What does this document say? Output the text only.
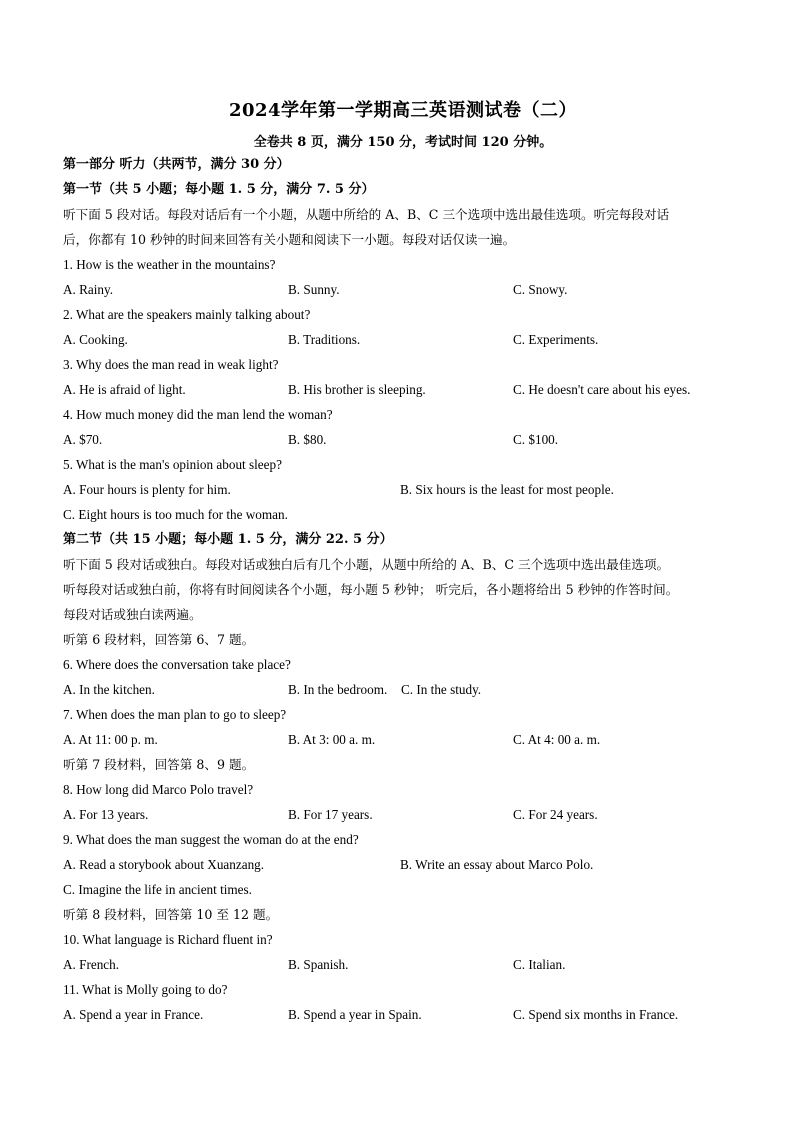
2024学年第一学期高三英语测试卷（二）
全卷共 8 页，满分 150 分，考试时间 120 分钟。
第一部分 听力（共两节，满分 30 分）
第一节（共 5 小题；每小题 1. 5 分，满分 7. 5 分）
听下面 5 段对话。每段对话后有一个小题，从题中所给的 A、B、C 三个选项中选出最佳选项。听完每段对话
后，你都有 10 秒钟的时间来回答有关小题和阅读下一小题。每段对话仅读一遍。
1. How is the weather in the mountains?
A. Rainy.	B. Sunny.	C. Snowy.
2. What are the speakers mainly talking about?
A. Cooking.	B. Traditions.	C. Experiments.
3. Why does the man read in weak light?
A. He is afraid of light.	B. His brother is sleeping.	C. He doesn't care about his eyes.
4. How much money did the man lend the woman?
A. $70.	B. $80.	C. $100.
5. What is the man's opinion about sleep?
A. Four hours is plenty for him.	B. Six hours is the least for most people.
C. Eight hours is too much for the woman.
第二节（共 15 小题；每小题 1. 5 分，满分 22. 5 分）
听下面 5 段对话或独白。每段对话或独白后有几个小题，从题中所给的 A、B、C 三个选项中选出最佳选项。
听每段对话或独白前，你将有时间阅读各个小题，每小题 5 秒钟； 听完后，各小题将给出 5 秒钟的作答时间。
每段对话或独白读两遍。
听第 6 段材料，回答第 6、7 题。
6. Where does the conversation take place?
A. In the kitchen.	B. In the bedroom. C. In the study.
7. When does the man plan to go to sleep?
A. At 11: 00 p. m.	B. At 3: 00 a. m.	C. At 4: 00 a. m.
听第 7 段材料，回答第 8、9 题。
8. How long did Marco Polo travel?
A. For 13 years.	B. For 17 years.	C. For 24 years.
9. What does the man suggest the woman do at the end?
A. Read a storybook about Xuanzang.	B. Write an essay about Marco Polo.
C. Imagine the life in ancient times.
听第 8 段材料，回答第 10 至 12 题。
10. What language is Richard fluent in?
A. French.	B. Spanish.	C. Italian.
11. What is Molly going to do?
A. Spend a year in France.	B. Spend a year in Spain.	C. Spend six months in France.
